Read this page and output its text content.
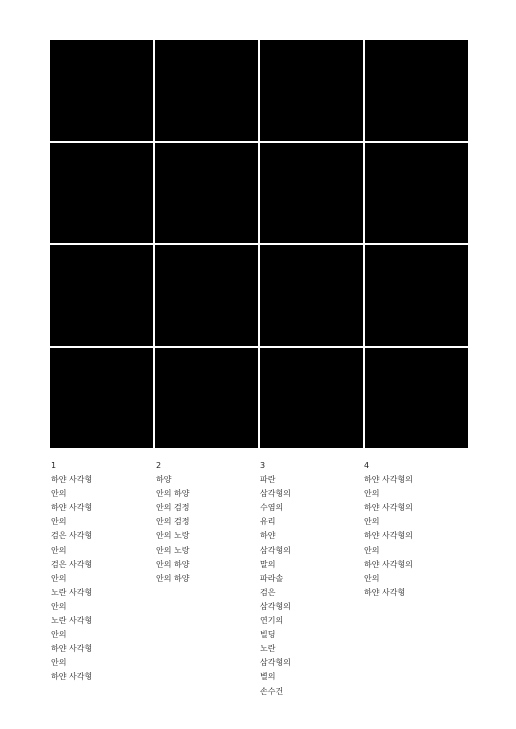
1
하얀 사각형
안의
하얀 사각형
안의
검은 사각형
안의
검은 사각형
안의
노란 사각형
안의
노란 사각형
안의
하얀 사각형
안의
하얀 사각형
2
하양
안의 하양
안의 검정
안의 검정
안의 노랑
안의 노랑
안의 하양
안의 하양
3
파란
삼각형의
수염의
유리
하얀
삼각형의
말의
파라솔
검은
삼각형의
연기의
빌딩
노란
삼각형의
별의
손수건
4
하얀 사각형의
안의
하얀 사각형의
안의
하얀 사각형의
안의
하얀 사각형의
안의
하얀 사각형
